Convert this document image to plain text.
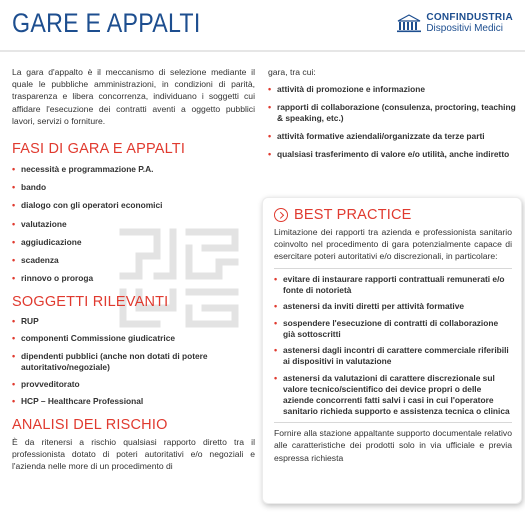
GARE E APPALTI	CONFINDUSTRIA
Dispositivi Medici

La gara d'appalto è il meccanismo di selezione mediante il quale le pubbliche amministrazioni, in condizioni di parità, trasparenza e libera concorrenza, individuano i soggetti cui affidare l'esecuzione dei contratti aventi a oggetto pubblici lavori, servizi o forniture.

FASI DI GARA E APPALTI
• necessità e programmazione P.A.
• bando
• dialogo con gli operatori economici
• valutazione
• aggiudicazione
• scadenza
• rinnovo o proroga
SOGGETTI RILEVANTI
• RUP
• componenti Commissione giudicatrice
• dipendenti pubblici (anche non dotati di potere autoritativo/negoziale)
• provveditorato
• HCP – Healthcare Professional
ANALISI DEL RISCHIO

È da ritenersi a rischio qualsiasi rapporto diretto tra il professionista dotato di poteri autoritativi e/o negoziali e l'azienda nelle more di un procedimento di

gara, tra cui:

• attività di promozione e informazione
• rapporti di collaborazione (consulenza, proctoring, teaching & speaking, etc.)
• attività formative aziendali/organizzate da terze parti
• qualsiasi trasferimento di valore e/o utilità, anche indiretto
BEST PRACTICE

Limitazione dei rapporti tra azienda e professionista sanitario coinvolto nel procedimento di gara potenzialmente capace di esercitare poteri autoritativi e/o discrezionali, in particolare:

• evitare di instaurare rapporti contrattuali remunerati e/o fonte di notorietà
• astenersi da inviti diretti per attività formative
• sospendere l'esecuzione di contratti di collaborazione già sottoscritti
• astenersi dagli incontri di carattere commerciale riferibili ai dispositivi in valutazione
• astenersi da valutazioni di carattere discrezionale sul valore tecnico/scientifico dei device propri o delle aziende concorrenti fatti salvi i casi in cui l'operatore sanitario richieda supporto e assistenza tecnica o clinica

Fornire alla stazione appaltante supporto documentale relativo alle caratteristiche dei prodotti solo in via ufficiale e previa espressa richiesta
